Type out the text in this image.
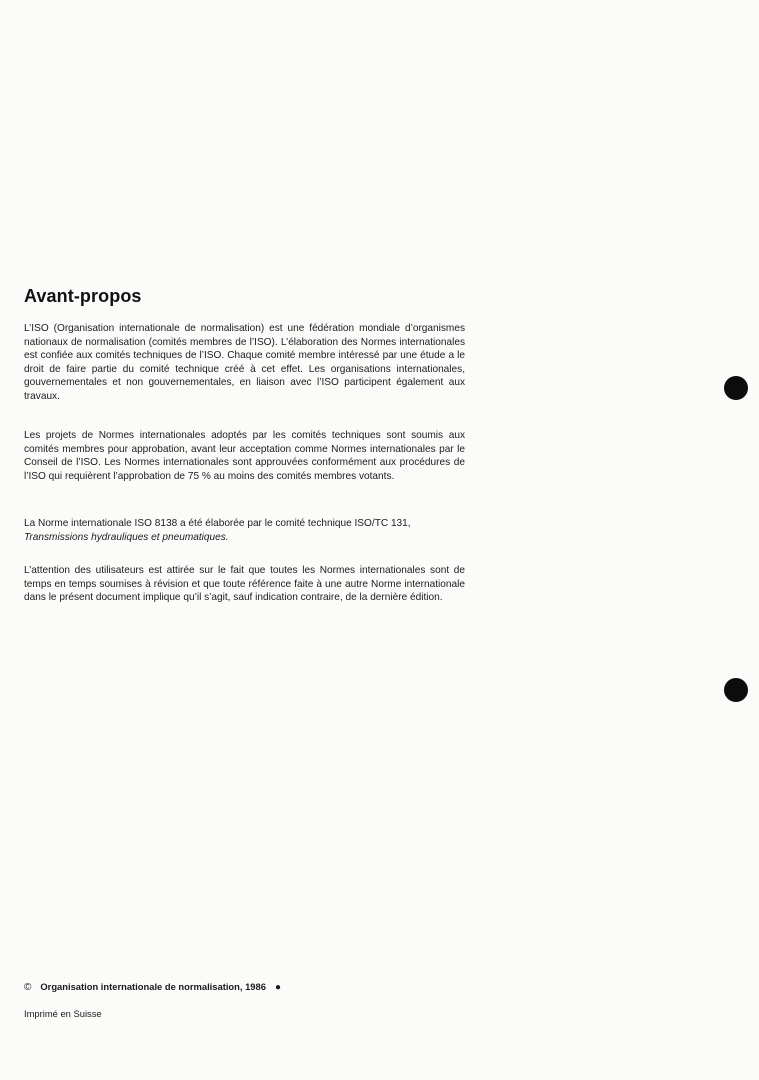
Avant-propos

L’ISO (Organisation internationale de normalisation) est une fédération mondiale d’organismes nationaux de normalisation (comités membres de l’ISO). L’élaboration des Normes internationales est confiée aux comités techniques de l’ISO. Chaque comité membre intéressé par une étude a le droit de faire partie du comité technique créé à cet effet. Les organisations internationales, gouvernementales et non gouvernementales, en liaison avec l’ISO participent également aux travaux.

Les projets de Normes internationales adoptés par les comités techniques sont soumis aux comités membres pour approbation, avant leur acceptation comme Normes internationales par le Conseil de l’ISO. Les Normes internationales sont approuvées conformément aux procédures de l’ISO qui requièrent l’approbation de 75 % au moins des comités membres votants.

La Norme internationale ISO 8138 a été élaborée par le comité technique ISO/TC 131,
Transmissions hydrauliques et pneumatiques.

L’attention des utilisateurs est attirée sur le fait que toutes les Normes internationales sont de temps en temps soumises à révision et que toute référence faite à une autre Norme internationale dans le présent document implique qu’il s’agit, sauf indication contraire, de la dernière édition.

© Organisation internationale de normalisation, 1986 ●
Imprimé en Suisse
